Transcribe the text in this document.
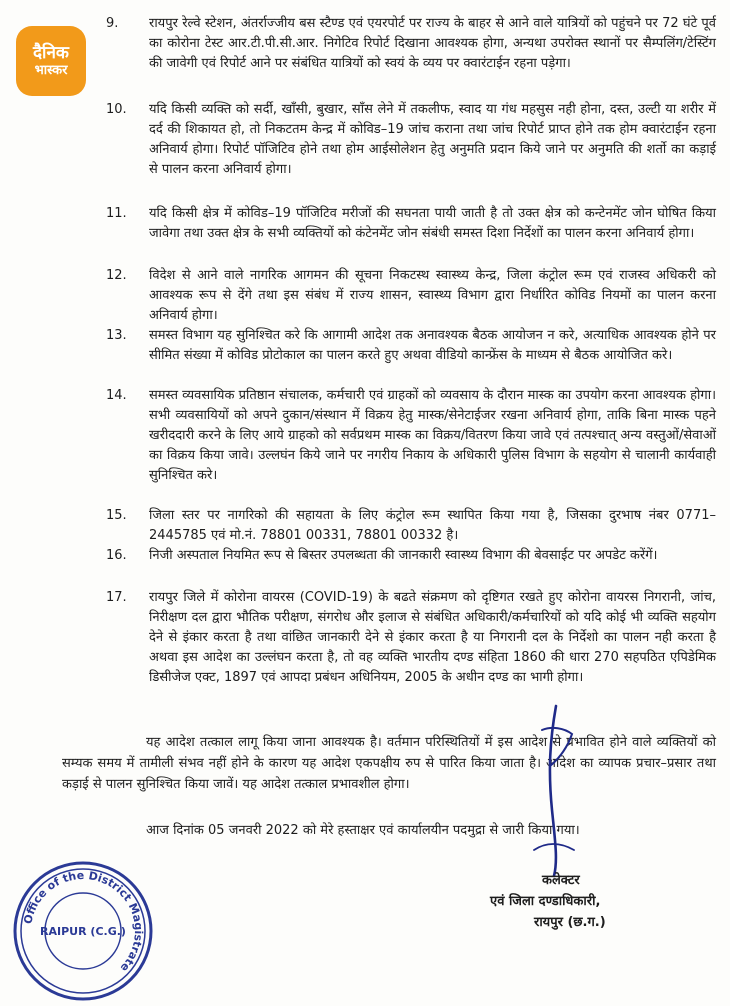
दैनिक
भास्कर
9.	रायपुर रेल्वे स्टेशन, अंतर्राज्जीय बस स्टैण्ड एवं एयरपोर्ट पर राज्य के बाहर से आने वाले यात्रियों को पहुंचने पर 72 घंटे पूर्व का कोरोना टेस्ट आर.टी.पी.सी.आर. निगेटिव रिपोर्ट दिखाना आवश्यक होगा, अन्यथा उपरोक्त स्थानों पर सैम्पलिंग/टेस्टिंग की जावेगी एवं रिपोर्ट आने पर संबंधित यात्रियों को स्वयं के व्यय पर क्वारंटाईन रहना पड़ेगा।
10.	यदि किसी व्यक्ति को सर्दी, खाँसी, बुखार, साँस लेने में तकलीफ, स्वाद या गंध महसुस नही होना, दस्त, उल्टी या शरीर में दर्द की शिकायत हो, तो निकटतम केन्द्र में कोविड–19 जांच कराना तथा जांच रिपोर्ट प्राप्त होने तक होम क्वारंटाईन रहना अनिवार्य होगा। रिपोर्ट पॉजिटिव होने तथा होम आईसोलेशन हेतु अनुमति प्रदान किये जाने पर अनुमति की शर्तो का कड़ाई से पालन करना अनिवार्य होगा।
11.	यदि किसी क्षेत्र में कोविड–19 पॉजिटिव मरीजों की सघनता पायी जाती है तो उक्त क्षेत्र को कन्टेनमेंट जोन घोषित किया जावेगा तथा उक्त क्षेत्र के सभी व्यक्तियों को कंटेनमेंट जोन संबंधी समस्त दिशा निर्देशों का पालन करना अनिवार्य होगा।
12.	विदेश से आने वाले नागरिक आगमन की सूचना निकटस्थ स्वास्थ्य केन्द्र, जिला कंट्रोल रूम एवं राजस्व अधिकरी को आवश्यक रूप से देंगे तथा इस संबंध में राज्य शासन, स्वास्थ्य विभाग द्वारा निर्धारित कोविड नियमों का पालन करना अनिवार्य होगा।
13.	समस्त विभाग यह सुनिश्चित करे कि आगामी आदेश तक अनावश्यक बैठक आयोजन न करे, अत्याधिक आवश्यक होने पर सीमित संख्या में कोविड प्रोटोकाल का पालन करते हुए अथवा वीडियो कान्फ्रेंस के माध्यम से बैठक आयोजित करे।
14.	समस्त व्यवसायिक प्रतिष्ठान संचालक, कर्मचारी एवं ग्राहकों को व्यवसाय के दौरान मास्क का उपयोग करना आवश्यक होगा। सभी व्यवसायियों को अपने दुकान/संस्थान में विक्रय हेतु मास्क/सेनेटाईजर रखना अनिवार्य होगा, ताकि बिना मास्क पहने खरीददारी करने के लिए आये ग्राहको को सर्वप्रथम मास्क का विक्रय/वितरण किया जावे एवं तत्पश्चात् अन्य वस्तुओं/सेवाओं का विक्रय किया जावे। उल्लघंन किये जाने पर नगरीय निकाय के अधिकारी पुलिस विभाग के सहयोग से चालानी कार्यवाही सुनिश्चित करे।
15.	जिला स्तर पर नागरिको की सहायता के लिए कंट्रोल रूम स्थापित किया गया है, जिसका दुरभाष नंबर 0771– 2445785 एवं मो.नं. 78801 00331, 78801 00332 है।
16.	निजी अस्पताल नियमित रूप से बिस्तर उपलब्धता की जानकारी स्वास्थ्य विभाग की बेवसाईट पर अपडेट करेंगें।
17.	रायपुर जिले में कोरोना वायरस (COVID-19) के बढते संक्रमण को दृष्टिगत रखते हुए कोरोना वायरस निगरानी, जांच, निरीक्षण दल द्वारा भौतिक परीक्षण, संगरोध और इलाज से संबंधित अधिकारी/कर्मचारियों को यदि कोई भी व्यक्ति सहयोग देने से इंकार करता है तथा वांछित जानकारी देने से इंकार करता है या निगरानी दल के निर्देशो का पालन नही करता है अथवा इस आदेश का उल्लंघन करता है, तो वह व्यक्ति भारतीय दण्ड संहिता 1860 की धारा 270 सहपठित एपिडेमिक डिसीजेज एक्ट, 1897 एवं आपदा प्रबंधन अधिनियम, 2005 के अधीन दण्ड का भागी होगा।
यह आदेश तत्काल लागू किया जाना आवश्यक है। वर्तमान परिस्थितियों में इस आदेश से प्रभावित होने वाले व्यक्तियों को सम्यक समय में तामीली संभव नहीं होने के कारण यह आदेश एकपक्षीय रुप से पारित किया जाता है। आदेश का व्यापक प्रचार–प्रसार तथा कड़ाई से पालन सुनिश्चित किया जावें। यह आदेश तत्काल प्रभावशील होगा।
आज दिनांक 05 जनवरी 2022 को मेरे हस्ताक्षर एवं कार्यालयीन पदमुद्रा से जारी किया गया।
कलेक्टर
एवं जिला दण्डाधिकारी,
रायपुर (छ.ग.)
Office of the District Magistrate
RAIPUR (C.G.)
